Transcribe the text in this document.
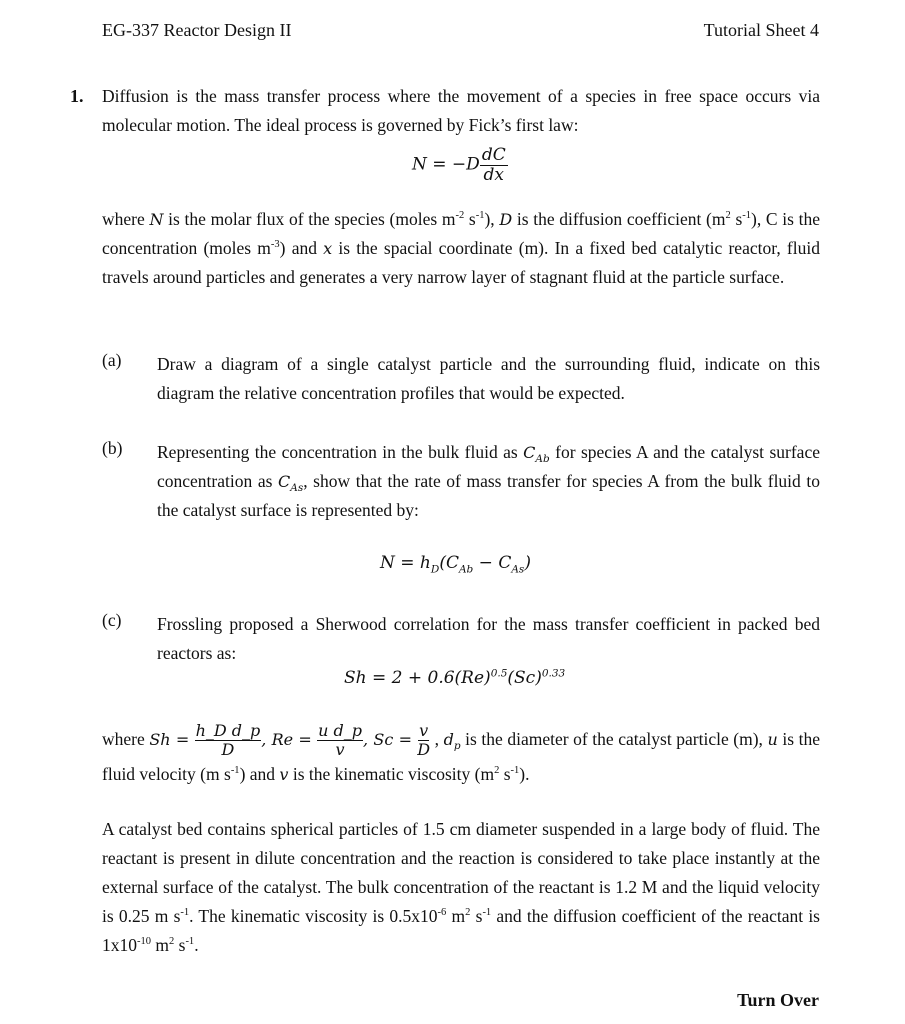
EG-337 Reactor Design II	Tutorial Sheet 4
1. Diffusion is the mass transfer process where the movement of a species in free space occurs via molecular motion. The ideal process is governed by Fick’s first law:
$N = -D \frac{dC}{dx}$
where N is the molar flux of the species (moles $m^{-2}$ $s^{-1}$), D is the diffusion coefficient ($m^2$ $s^{-1}$), C is the concentration (moles $m^{-3}$) and x is the spacial coordinate (m). In a fixed bed catalytic reactor, fluid travels around particles and generates a very narrow layer of stagnant fluid at the particle surface.
(a) Draw a diagram of a single catalyst particle and the surrounding fluid, indicate on this diagram the relative concentration profiles that would be expected.
(b) Representing the concentration in the bulk fluid as $C_{Ab}$ for species A and the catalyst surface concentration as $C_{As}$, show that the rate of mass transfer for species A from the bulk fluid to the catalyst surface is represented by:
$N = h_D(C_{Ab} - C_{As})$
(c) Frossling proposed a Sherwood correlation for the mass transfer coefficient in packed bed reactors as:
$Sh = 2 + 0.6(Re)^{0.5}(Sc)^{0.33}$
where $Sh = \frac{\text{h\_D d\_p}}{D}$ , $Re = \frac{\text{u d\_p}}{v}$ , $Sc = \frac{v}{D}$ , $d_p$ is the diameter of the catalyst particle (m), u is the fluid velocity (m $s^{-1}$) and v is the kinematic viscosity ($m^2$ $s^{-1}$).
A catalyst bed contains spherical particles of 1.5 cm diameter suspended in a large body of fluid. The reactant is present in dilute concentration and the reaction is considered to take place instantly at the external surface of the catalyst. The bulk concentration of the reactant is 1.2 M and the liquid velocity is 0.25 m $s^{-1}$. The kinematic viscosity is $0.5x10^{-6}$ $m^2$ $s^{-1}$ and the diffusion coefficient of the reactant is $1x10^{-10}$ $m^2$ $s^{-1}$.
Turn Over
